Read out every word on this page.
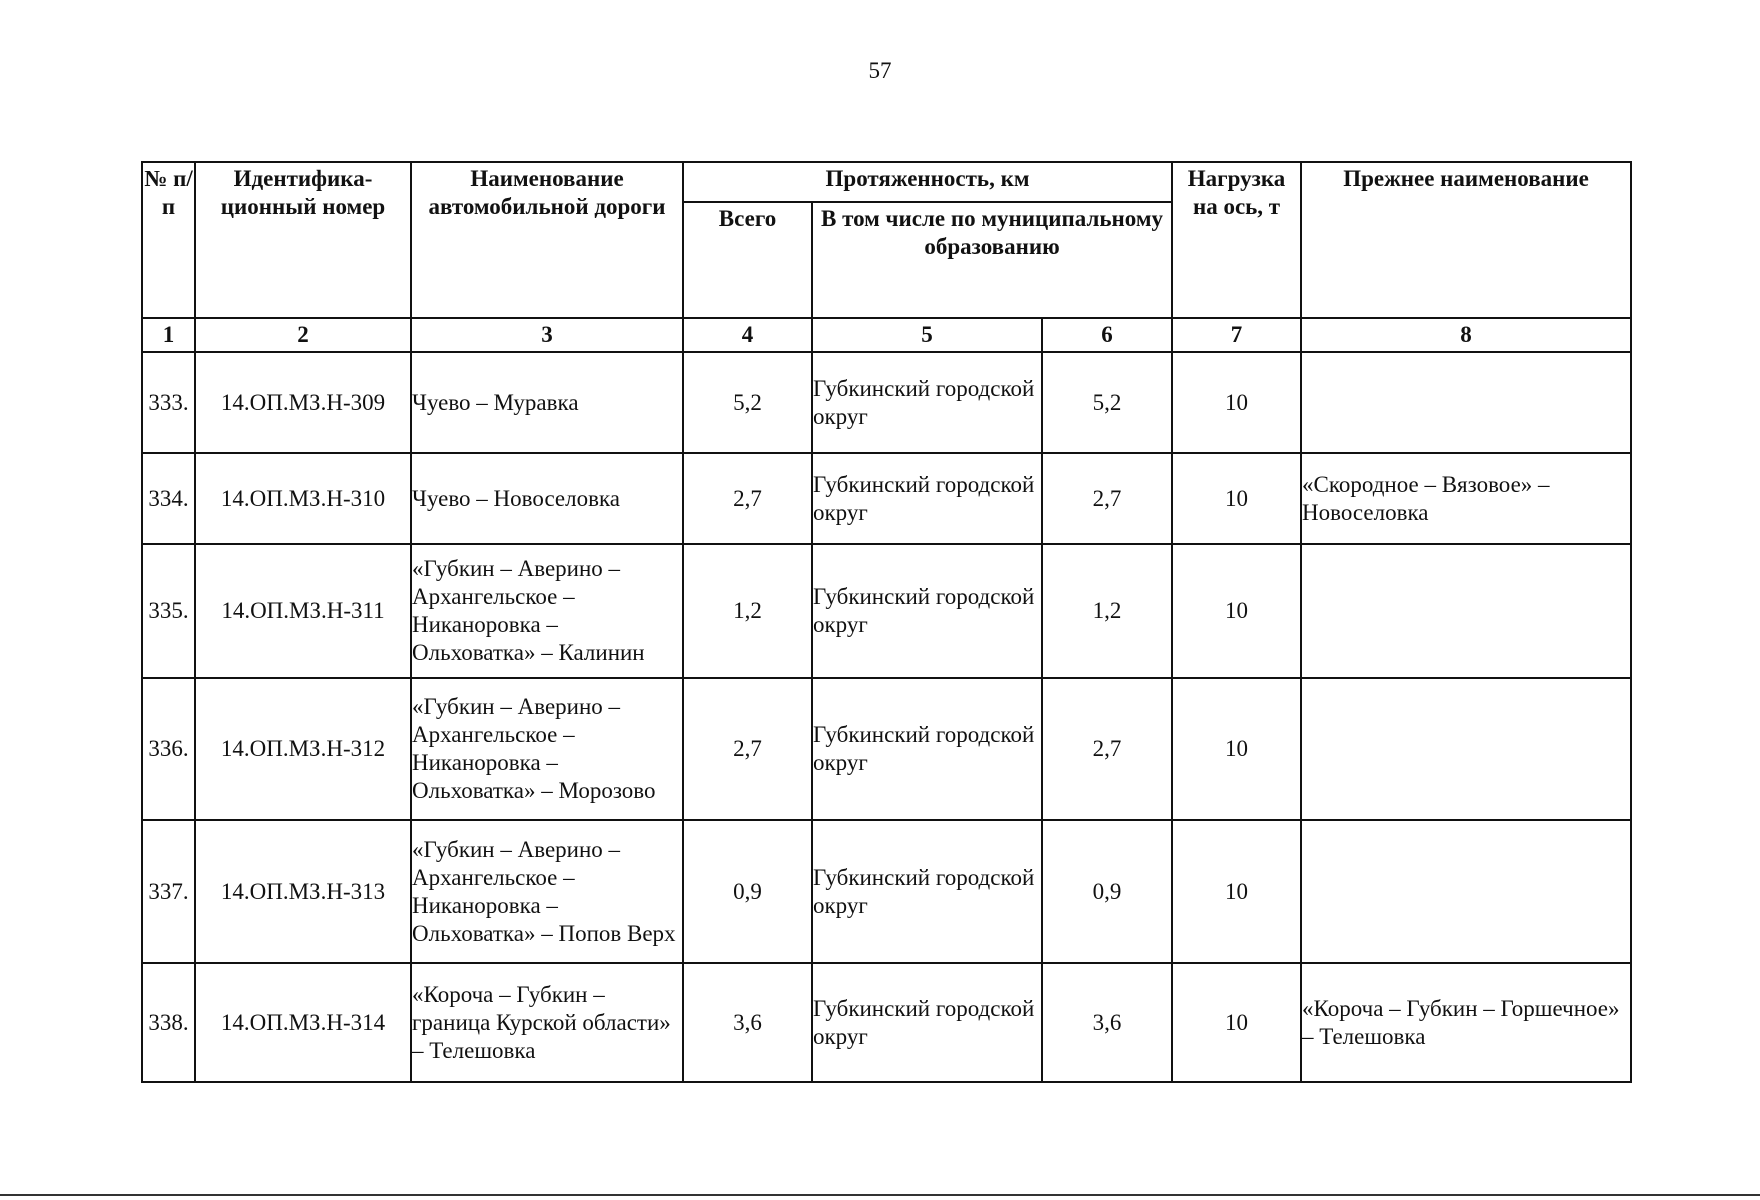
57
№ п/п	Идентифика-ционный номер	Наименование автомобильной дороги	Протяженность, км			Нагрузка на ось, т	Прежнее наименование
			Всего	В том числе по муниципальному образованию			
1	2	3	4	5	6	7	8
333.	14.ОП.МЗ.Н-309	Чуево – Муравка	5,2	Губкинский городской округ	5,2	10	
334.	14.ОП.МЗ.Н-310	Чуево – Новоселовка	2,7	Губкинский городской округ	2,7	10	«Скородное – Вязовое» – Новоселовка
335.	14.ОП.МЗ.Н-311	«Губкин – Аверино – Архангельское – Никаноровка – Ольховатка» – Калинин	1,2	Губкинский городской округ	1,2	10	
336.	14.ОП.МЗ.Н-312	«Губкин – Аверино – Архангельское – Никаноровка – Ольховатка» – Морозово	2,7	Губкинский городской округ	2,7	10	
337.	14.ОП.МЗ.Н-313	«Губкин – Аверино – Архангельское – Никаноровка – Ольховатка» – Попов Верх	0,9	Губкинский городской округ	0,9	10	
338.	14.ОП.МЗ.Н-314	«Короча – Губкин – граница Курской области» – Телешовка	3,6	Губкинский городской округ	3,6	10	«Короча – Губкин – Горшечное» – Телешовка
